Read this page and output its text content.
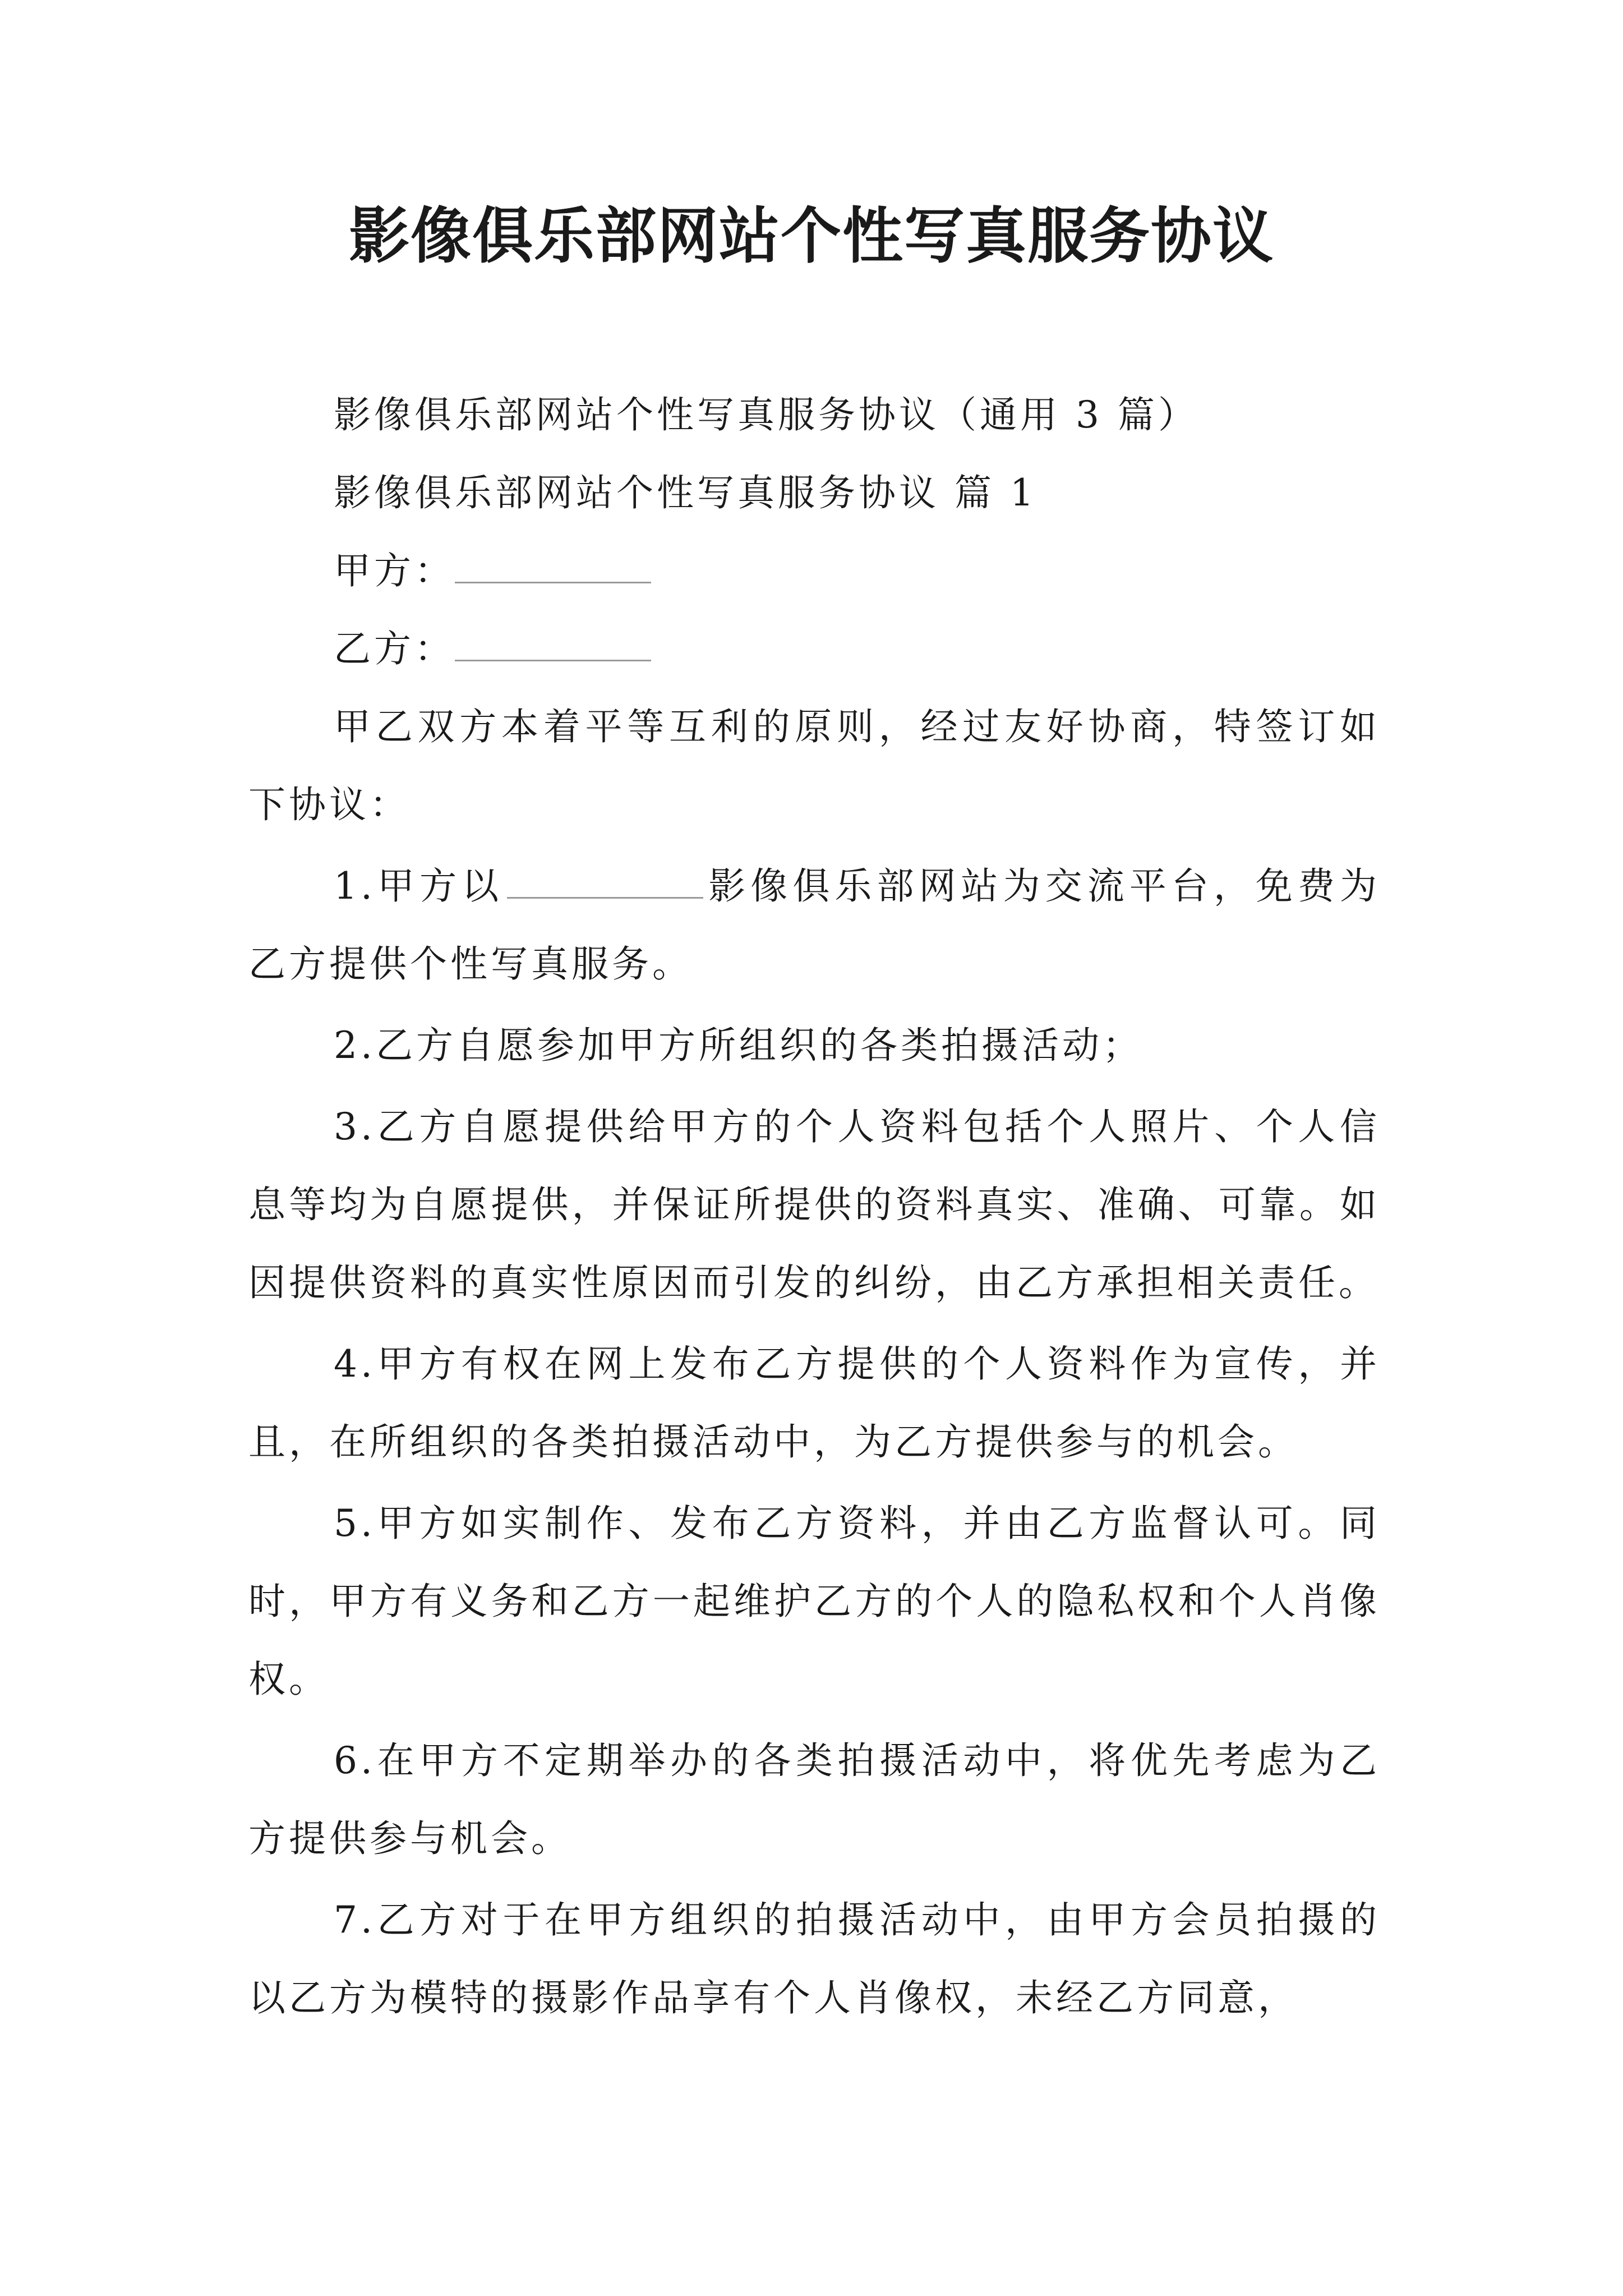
影像俱乐部网站个性写真服务协议

影像俱乐部网站个性写真服务协议（通用 3 篇）

影像俱乐部网站个性写真服务协议 篇 1

甲方：

乙方：

甲乙双方本着平等互利的原则，经过友好协商，特签订如下协议：

1.甲方以	影像俱乐部网站为交流平台，免费为乙方提供个性写真服务。

2.乙方自愿参加甲方所组织的各类拍摄活动；

3.乙方自愿提供给甲方的个人资料包括个人照片、个人信息等均为自愿提供，并保证所提供的资料真实、准确、可靠。如因提供资料的真实性原因而引发的纠纷，由乙方承担相关责任。

4.甲方有权在网上发布乙方提供的个人资料作为宣传，并且，在所组织的各类拍摄活动中，为乙方提供参与的机会。

5.甲方如实制作、发布乙方资料，并由乙方监督认可。同时，甲方有义务和乙方一起维护乙方的个人的隐私权和个人肖像权。

6.在甲方不定期举办的各类拍摄活动中，将优先考虑为乙方提供参与机会。

7.乙方对于在甲方组织的拍摄活动中，由甲方会员拍摄的以乙方为模特的摄影作品享有个人肖像权，未经乙方同意，
